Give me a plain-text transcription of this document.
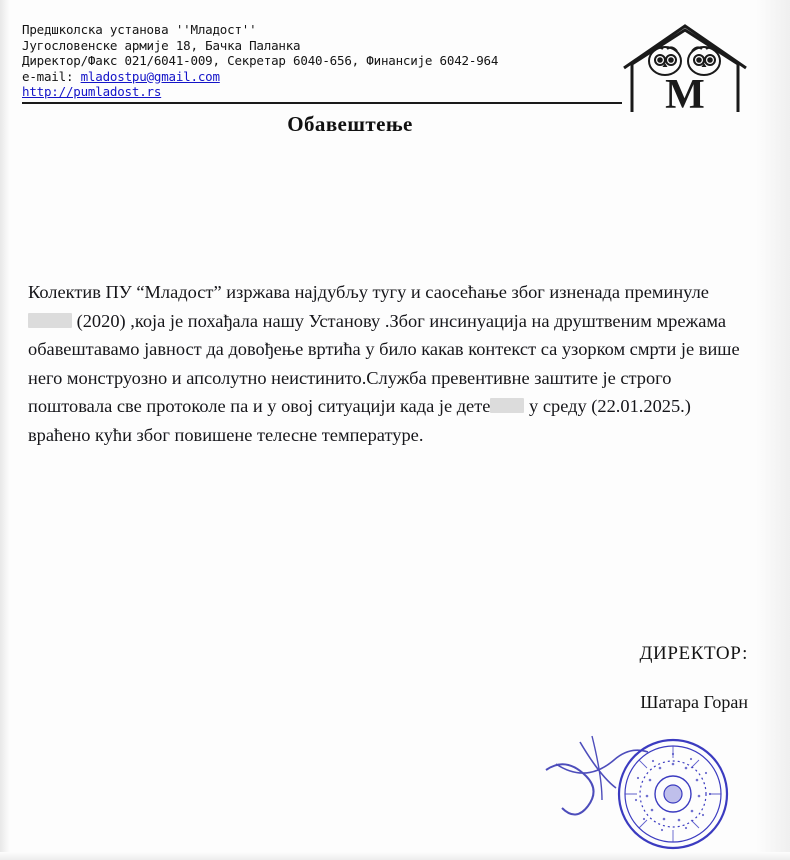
Предшколска установа ''Младост''
Југословенске армије 18, Бачка Паланка
Директор/Факс 021/6041-009, Секретар 6040-656, Финансије 6042-964
e-mail: mladostpu@gmail.com
http://pumladost.rs	M
Обавештење

Колектив ПУ “Младост” изржава најдубљу тугу и саосећање због изненада преминуле (2020) ,која је похађала нашу Установу .Због инсинуација на друштвеним мрежама обавештавамо јавност да довођење вртића у било какав контекст са узорком смрти је више него монструозно и апсолутно неистинито.Служба превентивне заштите је строго поштовала све протоколе па и у овој ситуацији када је дете у среду (22.01.2025.) враћено кући због повишене телесне температуре.

ДИРЕКТОР:
Шатара Горан
